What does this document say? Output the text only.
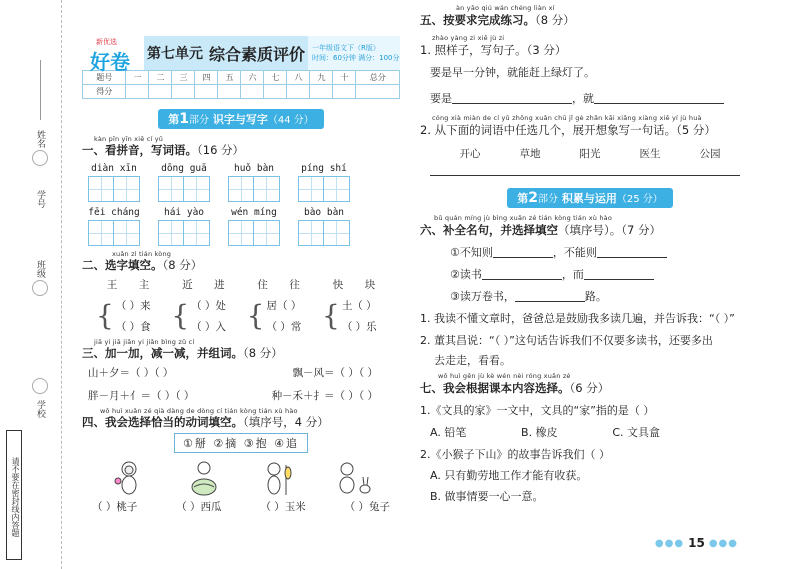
姓名
学号
班级
学校
请不要在密封线内答题
新优选
好卷 第七单元 综合素质评价 一年级语文下（R版）
时间：60分钟 满分：100分
题号	一	二	三	四	五	六	七	八	九	十	总分
得分											
第1部分 识字与写字（44 分）
kàn pīn yīn xiě cí yǔ
一、看拼音，写词语。（16 分）
diàn xīn	dōng guā	huǒ bàn	píng shí
fēi cháng	hái yào	wén míng	bào bàn
xuǎn zì tián kòng
二、选字填空。（8 分）
王 主
{ （ ）来
（ ）食
近 进
{ （ ）处
（ ）入
住 往
{ 居（ ）
（ ）常
快 块
{ 土（ ）
（ ）乐
jiā yi jiā jiǎn yi jiǎn bìng zǔ cí
三、加一加，减一减，并组词。（8 分）
山＋夕＝（ ）（ ）	飘－风＝（ ）（ ）
胖－月＋亻＝（ ）（ ）	种－禾＋扌＝（ ）（ ）
wǒ huì xuǎn zé qià dàng de dòng cí tián kòng tián xù hào
四、我会选择恰当的动词填空。（填序号，4 分）
①掰 ②摘 ③抱 ④追
（ ）桃子	（ ）西瓜	（ ）玉米	（ ）兔子
àn yāo qiú wán chéng liàn xí
五、按要求完成练习。（8 分）
zhào yàng zi xiě jù zi
1. 照样子，写句子。（3 分）
要是早一分钟，就能赶上绿灯了。
要是	，就
cóng xià miàn de cí yǔ zhōng xuǎn chū jǐ gè zhǎn kāi xiǎng xiàng xiě yí jù huà
2. 从下面的词语中任选几个，展开想象写一句话。（5 分）
开心	草地	阳光	医生	公园
第2部分 积累与运用（25 分）
bǔ quán míng jù bìng xuǎn zé tián kòng tián xù hào
六、补全名句，并选择填空（填序号）。（7 分）
①不知则	，不能则
②读书	，而
③读万卷书，	路。
1. 我读不懂文章时，爸爸总是鼓励我多读几遍，并告诉我：“（ ）”
2. 董其昌说：“（ ）”这句话告诉我们不仅要多读书，还要多出
去走走，看看。
wǒ huì gēn jù kè wén nèi róng xuǎn zé
七、我会根据课本内容选择。（6 分）
1.《文具的家》一文中，文具的“家”指的是（ ）
A. 铅笔	B. 橡皮	C. 文具盒
2.《小猴子下山》的故事告诉我们（ ）
A. 只有勤劳地工作才能有收获。
B. 做事情要一心一意。
●●● 15 ●●●
